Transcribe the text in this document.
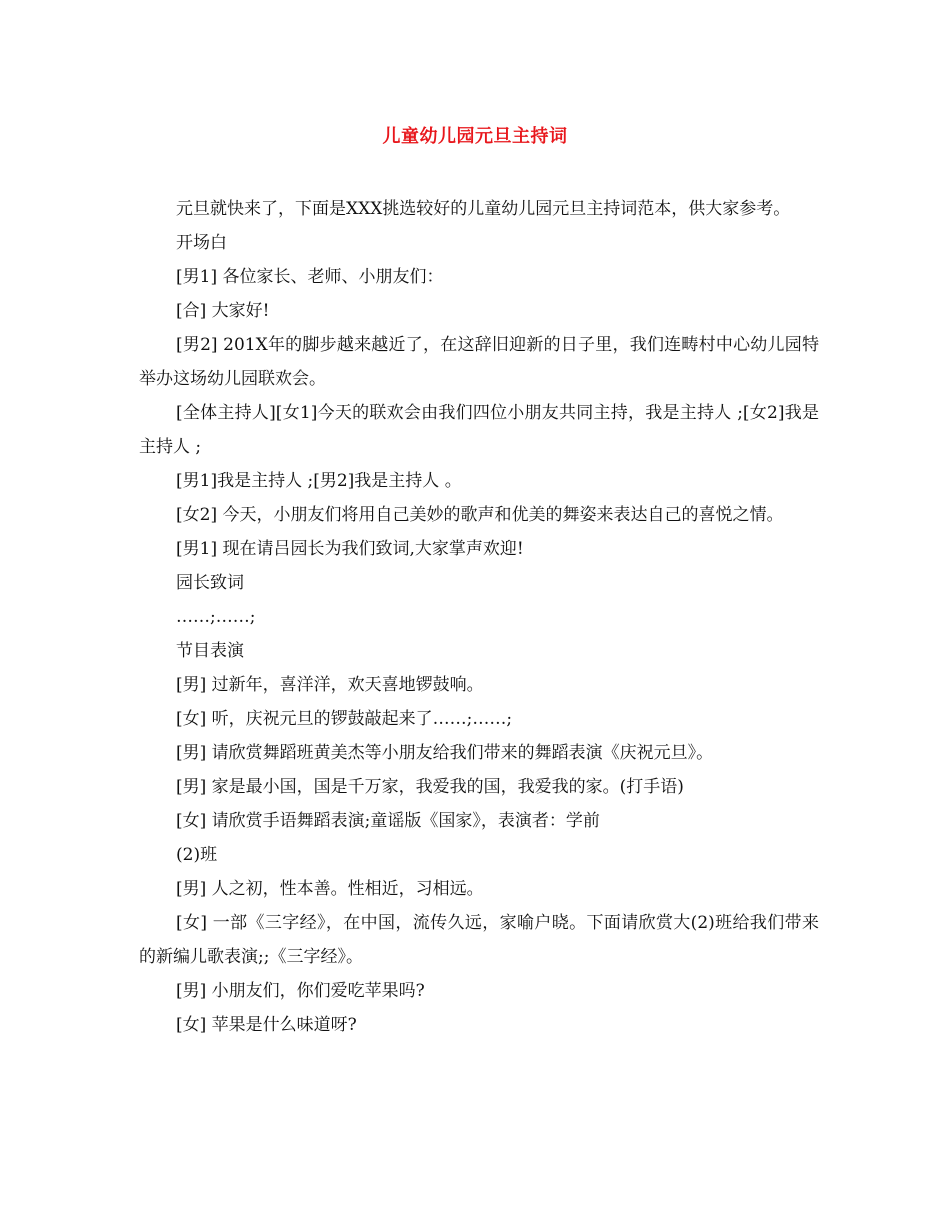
儿童幼儿园元旦主持词

元旦就快来了，下面是XXX挑选较好的儿童幼儿园元旦主持词范本，供大家参考。

开场白

[男1] 各位家长、老师、小朋友们：

[合] 大家好!

[男2] 201X年的脚步越来越近了，在这辞旧迎新的日子里，我们连畴村中心幼儿园特举办这场幼儿园联欢会。

[全体主持人][女1]今天的联欢会由我们四位小朋友共同主持，我是主持人 ;[女2]我是主持人 ;

[男1]我是主持人 ;[男2]我是主持人 。

[女2] 今天，小朋友们将用自己美妙的歌声和优美的舞姿来表达自己的喜悦之情。

[男1] 现在请吕园长为我们致词,大家掌声欢迎!

园长致词

……;……;

节目表演

[男] 过新年，喜洋洋，欢天喜地锣鼓响。

[女] 听，庆祝元旦的锣鼓敲起来了……;……;

[男] 请欣赏舞蹈班黄美杰等小朋友给我们带来的舞蹈表演《庆祝元旦》。

[男] 家是最小国，国是千万家，我爱我的国，我爱我的家。(打手语)

[女] 请欣赏手语舞蹈表演;童谣版《国家》，表演者：学前

(2)班

[男] 人之初，性本善。性相近，习相远。

[女] 一部《三字经》，在中国，流传久远，家喻户晓。下面请欣赏大(2)班给我们带来的新编儿歌表演;;《三字经》。

[男] 小朋友们，你们爱吃苹果吗?

[女] 苹果是什么味道呀?
